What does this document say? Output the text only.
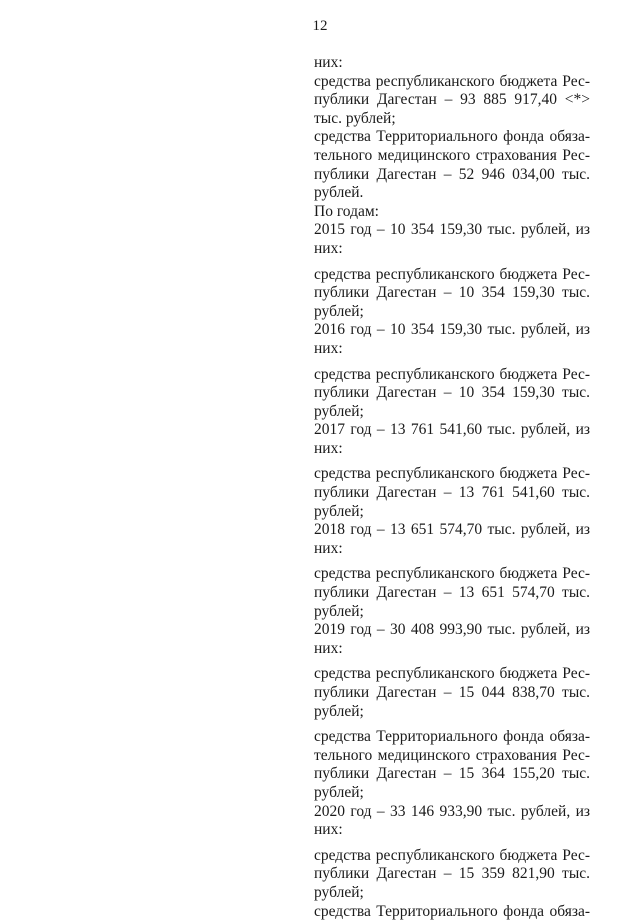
12
них:
средства республиканского бюджета Рес-
публики Дагестан – 93 885 917,40 <*>
тыс. рублей;
средства Территориального фонда обяза-
тельного медицинского страхования Рес-
публики Дагестан – 52 946 034,00 тыс.
рублей.
По годам:
2015 год – 10 354 159,30 тыс. рублей, из
них:
средства республиканского бюджета Рес-
публики Дагестан – 10 354 159,30 тыс.
рублей;
2016 год – 10 354 159,30 тыс. рублей, из
них:
средства республиканского бюджета Рес-
публики Дагестан – 10 354 159,30 тыс.
рублей;
2017 год – 13 761 541,60 тыс. рублей, из
них:
средства республиканского бюджета Рес-
публики Дагестан – 13 761 541,60 тыс.
рублей;
2018 год – 13 651 574,70 тыс. рублей, из
них:
средства республиканского бюджета Рес-
публики Дагестан – 13 651 574,70 тыс.
рублей;
2019 год – 30 408 993,90 тыс. рублей, из
них:
средства республиканского бюджета Рес-
публики Дагестан – 15 044 838,70 тыс.
рублей;
средства Территориального фонда обяза-
тельного медицинского страхования Рес-
публики Дагестан – 15 364 155,20 тыс.
рублей;
2020 год – 33 146 933,90 тыс. рублей, из
них:
средства республиканского бюджета Рес-
публики Дагестан – 15 359 821,90 тыс.
рублей;
средства Территориального фонда обяза-
